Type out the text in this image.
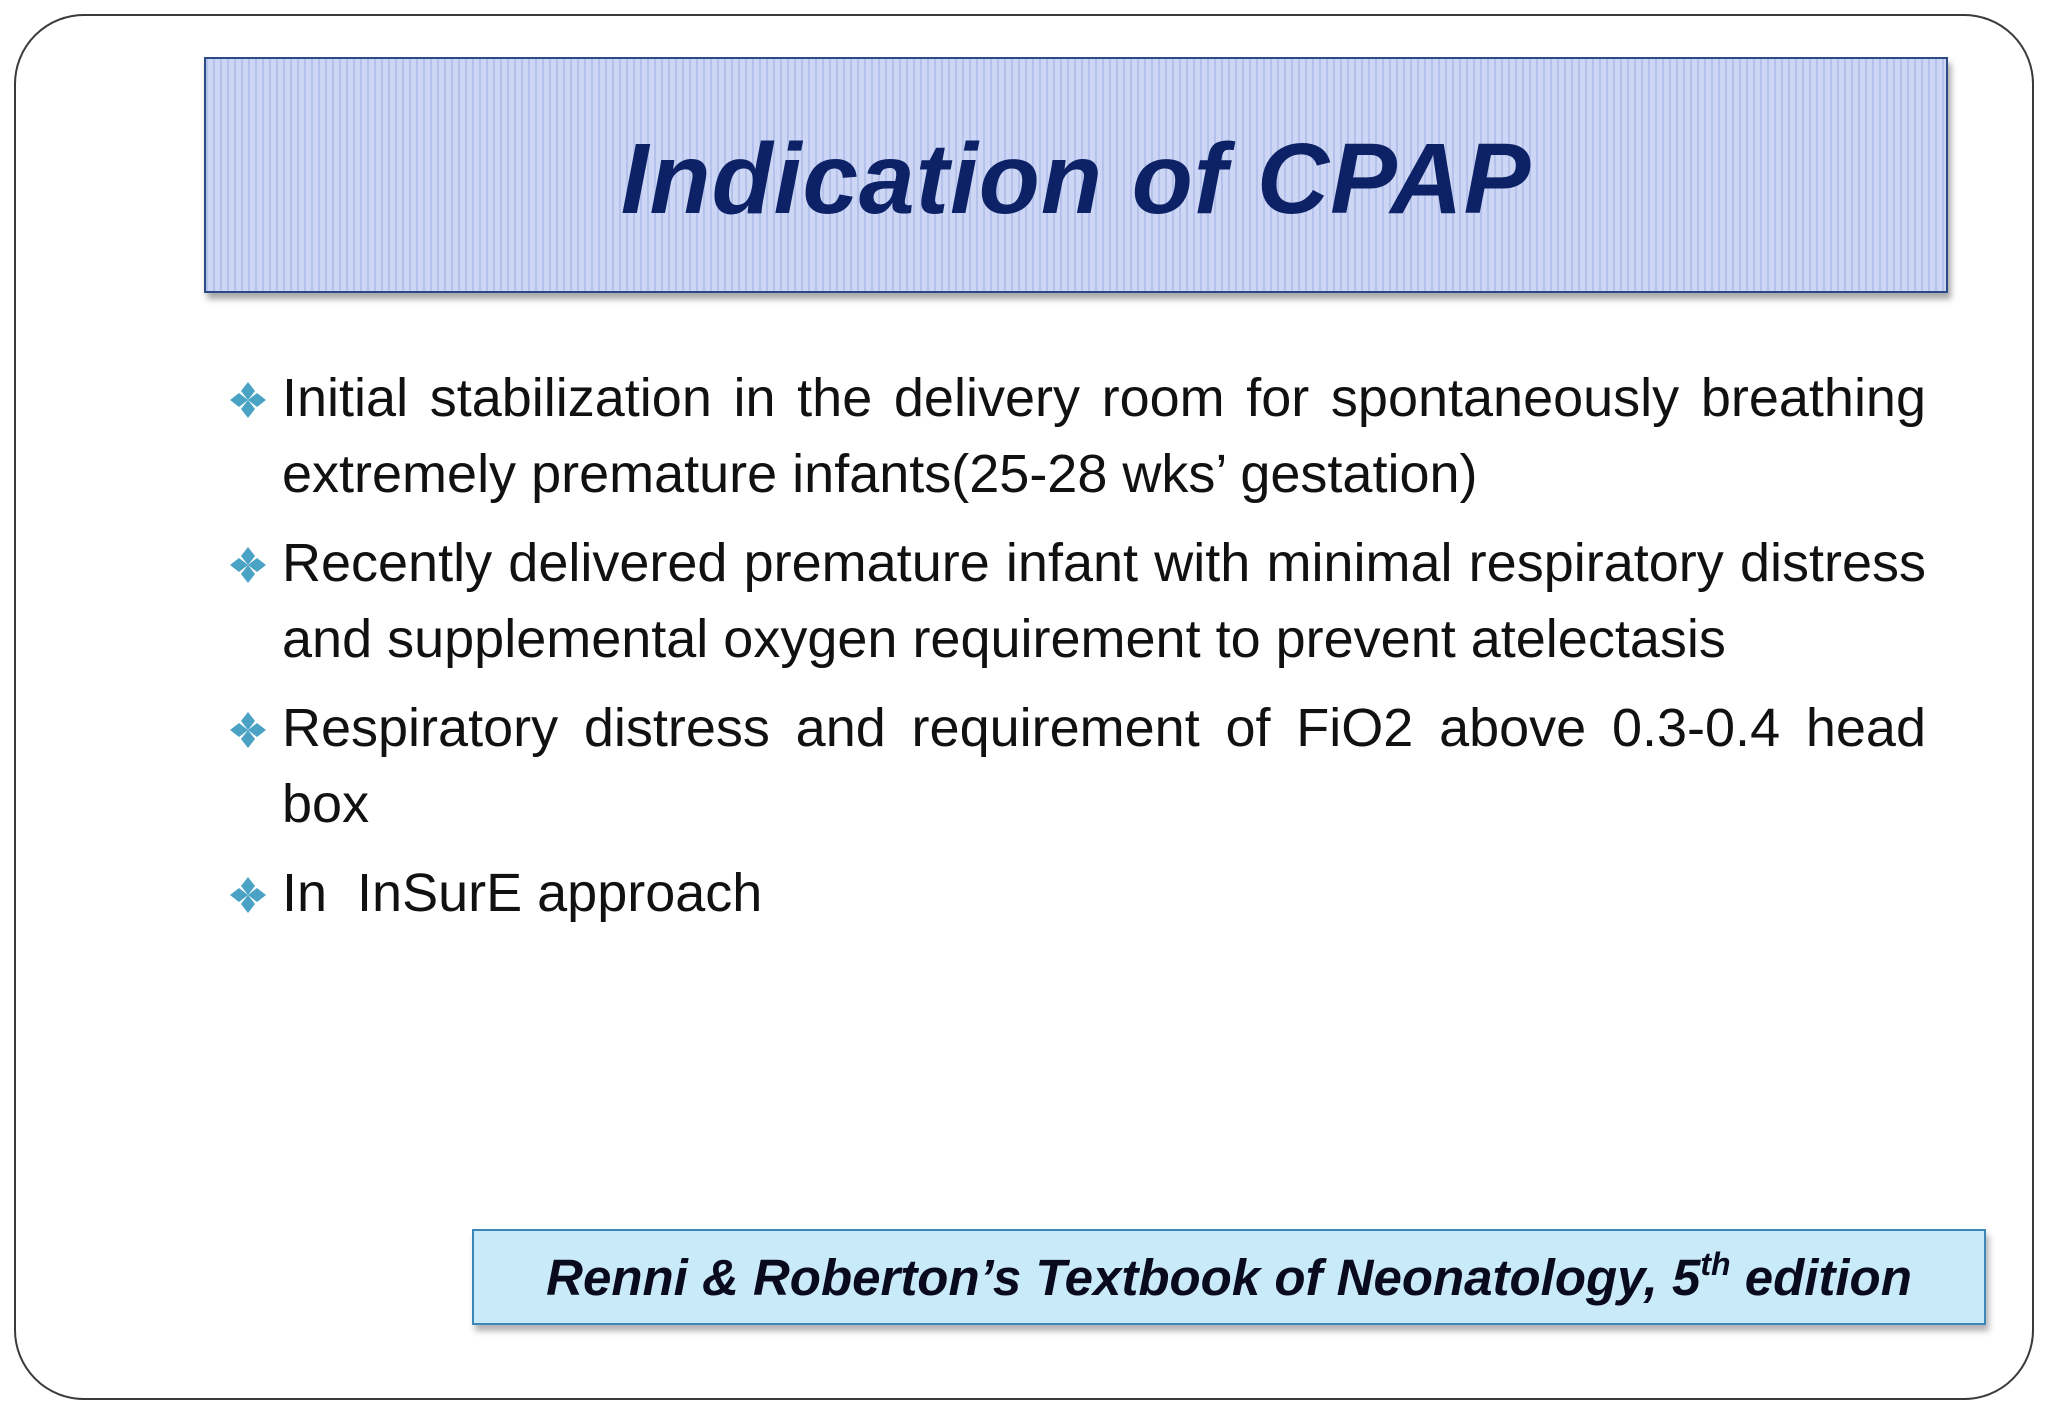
Indication of CPAP
Initial stabilization in the delivery room for spontaneously breathing extremely premature infants(25-28 wks’ gestation)
Recently delivered premature infant with minimal respiratory distress and supplemental oxygen requirement to prevent atelectasis
Respiratory distress and requirement of FiO2 above 0.3-0.4 head box
In  InSurE approach
Renni & Roberton’s Textbook of Neonatology, 5th edition
